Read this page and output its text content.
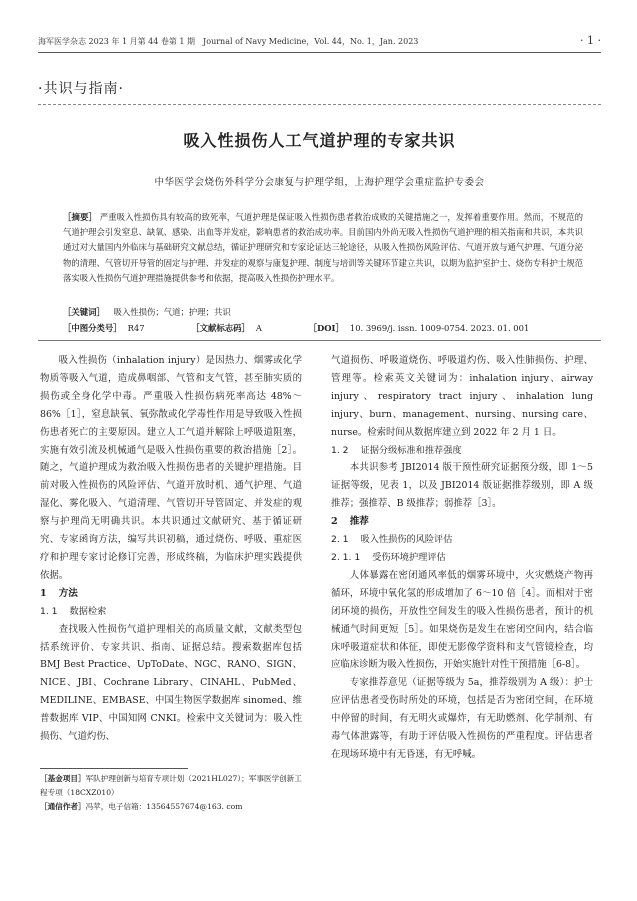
海军医学杂志 2023 年 1 月第 44 卷第 1 期　Journal of Navy Medicine，Vol. 44，No. 1，Jan. 2023	· 1 ·
·共识与指南·
吸入性损伤人工气道护理的专家共识
中华医学会烧伤外科学分会康复与护理学组，上海护理学会重症监护专委会
［摘要］ 严重吸入性损伤具有较高的致死率，气道护理是保证吸入性损伤患者救治成败的关键措施之一，发挥着重要作用。然而，不规范的气道护理会引发窒息、缺氧、感染、出血等并发症，影响患者的救治成功率。目前国内外尚无吸入性损伤气道护理的相关指南和共识，本共识通过对大量国内外临床与基础研究文献总结，循证护理研究和专家论证达三轮途径，从吸入性损伤风险评估、气道开放与通气护理、气道分泌物的清理、气管切开导管的固定与护理、并发症的观察与康复护理、制度与培训等关键环节建立共识，以期为监护室护士、烧伤专科护士规范落实吸入性损伤气道护理措施提供参考和依据，提高吸入性损伤护理水平。
［关键词］ 吸入性损伤；气道；护理；共识
［中图分类号］ R47	［文献标志码］ A	［DOI］ 10. 3969/j. issn. 1009-0754. 2023. 01. 001

吸入性损伤（inhalation injury）是因热力、烟雾或化学物质等吸入气道，造成鼻咽部、气管和支气管，甚至肺实质的损伤或全身化学中毒。严重吸入性损伤病死率高达 48%～86%［1］，窒息缺氧、氧弥散或化学毒性作用是导致吸入性损伤患者死亡的主要原因。建立人工气道并解除上呼吸道阻塞，实施有效引流及机械通气是吸入性损伤重要的救治措施［2］。随之，气道护理成为救治吸入性损伤患者的关键护理措施。目前对吸入性损伤的风险评估、气道开放时机、通气护理、气道湿化、雾化吸入、气道清理、气管切开导管固定、并发症的观察与护理尚无明确共识。本共识通过文献研究、基于循证研究、专家函询方法，编写共识初稿，通过烧伤、呼吸、重症医疗和护理专家讨论修订完善，形成终稿，为临床护理实践提供依据。

1 方法
1. 1 数据检索

查找吸入性损伤气道护理相关的高质量文献，文献类型包括系统评价、专家共识、指南、证据总结。搜索数据库包括 BMJ Best Practice、UpToDate、NGC、RANO、SIGN、NICE、JBI、Cochrane Library、CINAHL、PubMed、MEDILINE、EMBASE、中国生物医学数据库 sinomed、维普数据库 VIP、中国知网 CNKI。检索中文关键词为：吸入性损伤、气道灼伤、

气道损伤、呼吸道烧伤、呼吸道灼伤、吸入性肺损伤、护理、管理等。检索英文关键词为：inhalation injury、airway injury、respiratory tract injury、inhalation lung injury、burn、management、nursing、nursing care、nurse。检索时间从数据库建立到 2022 年 2 月 1 日。

1. 2 证据分级标准和推荐强度

本共识参考 JBI2014 版干预性研究证据预分级，即 1～5 证据等级，见表 1，以及 JBI2014 版证据推荐级别，即 A 级推荐；强推荐、B 级推荐；弱推荐［3］。

2 推荐
2. 1 吸入性损伤的风险评估
2. 1. 1 受伤环境护理评估

人体暴露在密闭通风率低的烟雾环境中，火灾燃烧产物再循环，环境中氧化氢的形成增加了 6～10 倍［4］。而相对于密闭环境的损伤，开放性空间发生的吸入性损伤患者，预计的机械通气时间更短［5］。如果烧伤是发生在密闭空间内，结合临床呼吸道症状和体征，即使无影像学资料和支气管镜检查，均应临床诊断为吸入性损伤，开始实施针对性干预措施［6-8］。

专家推荐意见（证据等级为 5a，推荐级别为 A 级）：护士应评估患者受伤时所处的环境，包括是否为密闭空间，在环境中停留的时间，有无明火或爆炸，有无助燃剂、化学制剂、有毒气体泄露等，有助于评估吸入性损伤的严重程度。评估患者在现场环境中有无昏迷，有无呼喊。

［基金项目］军队护理创新与培育专项计划（2021HL027）；军事医学创新工程专项（18CXZ010）
［通信作者］冯苹，电子信箱：13564557674@163. com
